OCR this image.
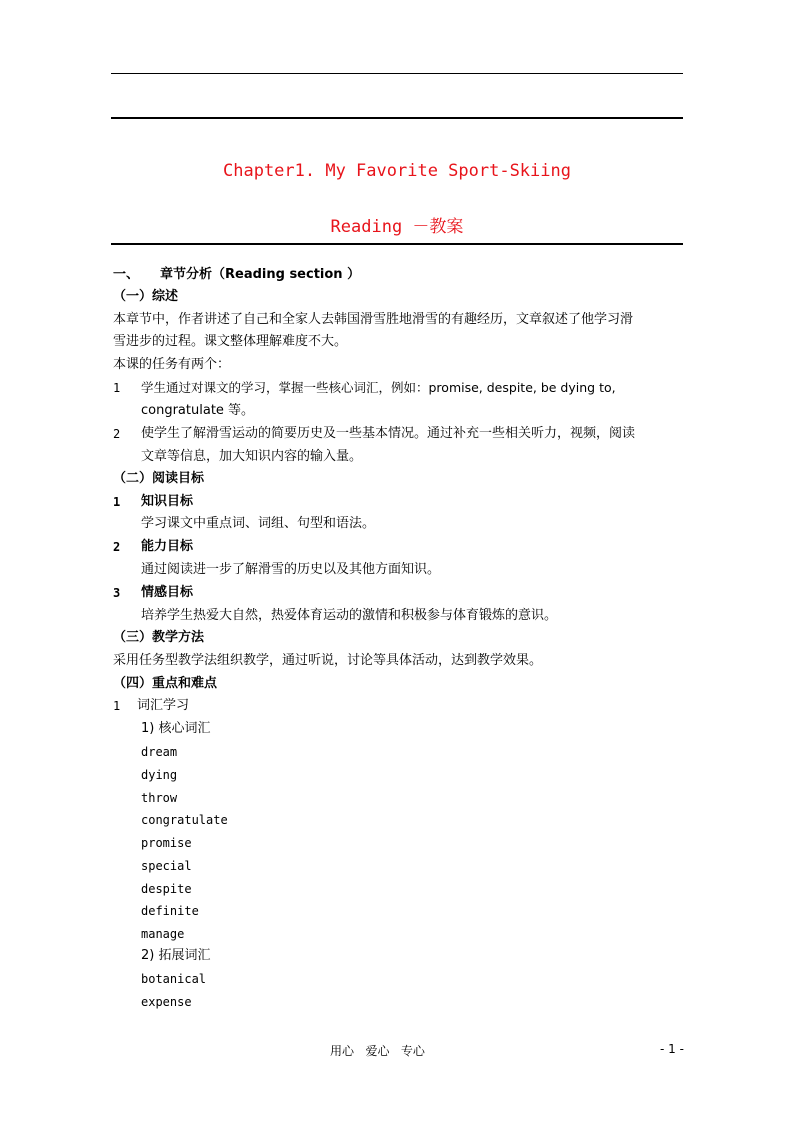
Chapter1. My Favorite Sport-Skiing
Reading －教案
一、 章节分析（Reading section ）
（一）综述
本章节中，作者讲述了自己和全家人去韩国滑雪胜地滑雪的有趣经历，文章叙述了他学习滑
雪进步的过程。课文整体理解难度不大。
本课的任务有两个：
1 学生通过对课文的学习，掌握一些核心词汇，例如：promise, despite, be dying to,
congratulate 等。
2 使学生了解滑雪运动的简要历史及一些基本情况。通过补充一些相关听力，视频，阅读
文章等信息，加大知识内容的输入量。
（二）阅读目标
1 知识目标
学习课文中重点词、词组、句型和语法。
2 能力目标
通过阅读进一步了解滑雪的历史以及其他方面知识。
3 情感目标
培养学生热爱大自然，热爱体育运动的激情和积极参与体育锻炼的意识。
（三）教学方法
采用任务型教学法组织教学，通过听说，讨论等具体活动，达到教学效果。
（四）重点和难点
1 词汇学习
1) 核心词汇
dream
dying
throw
congratulate
promise
special
despite
definite
manage
2) 拓展词汇
botanical
expense
用心   爱心   专心	- 1 -
